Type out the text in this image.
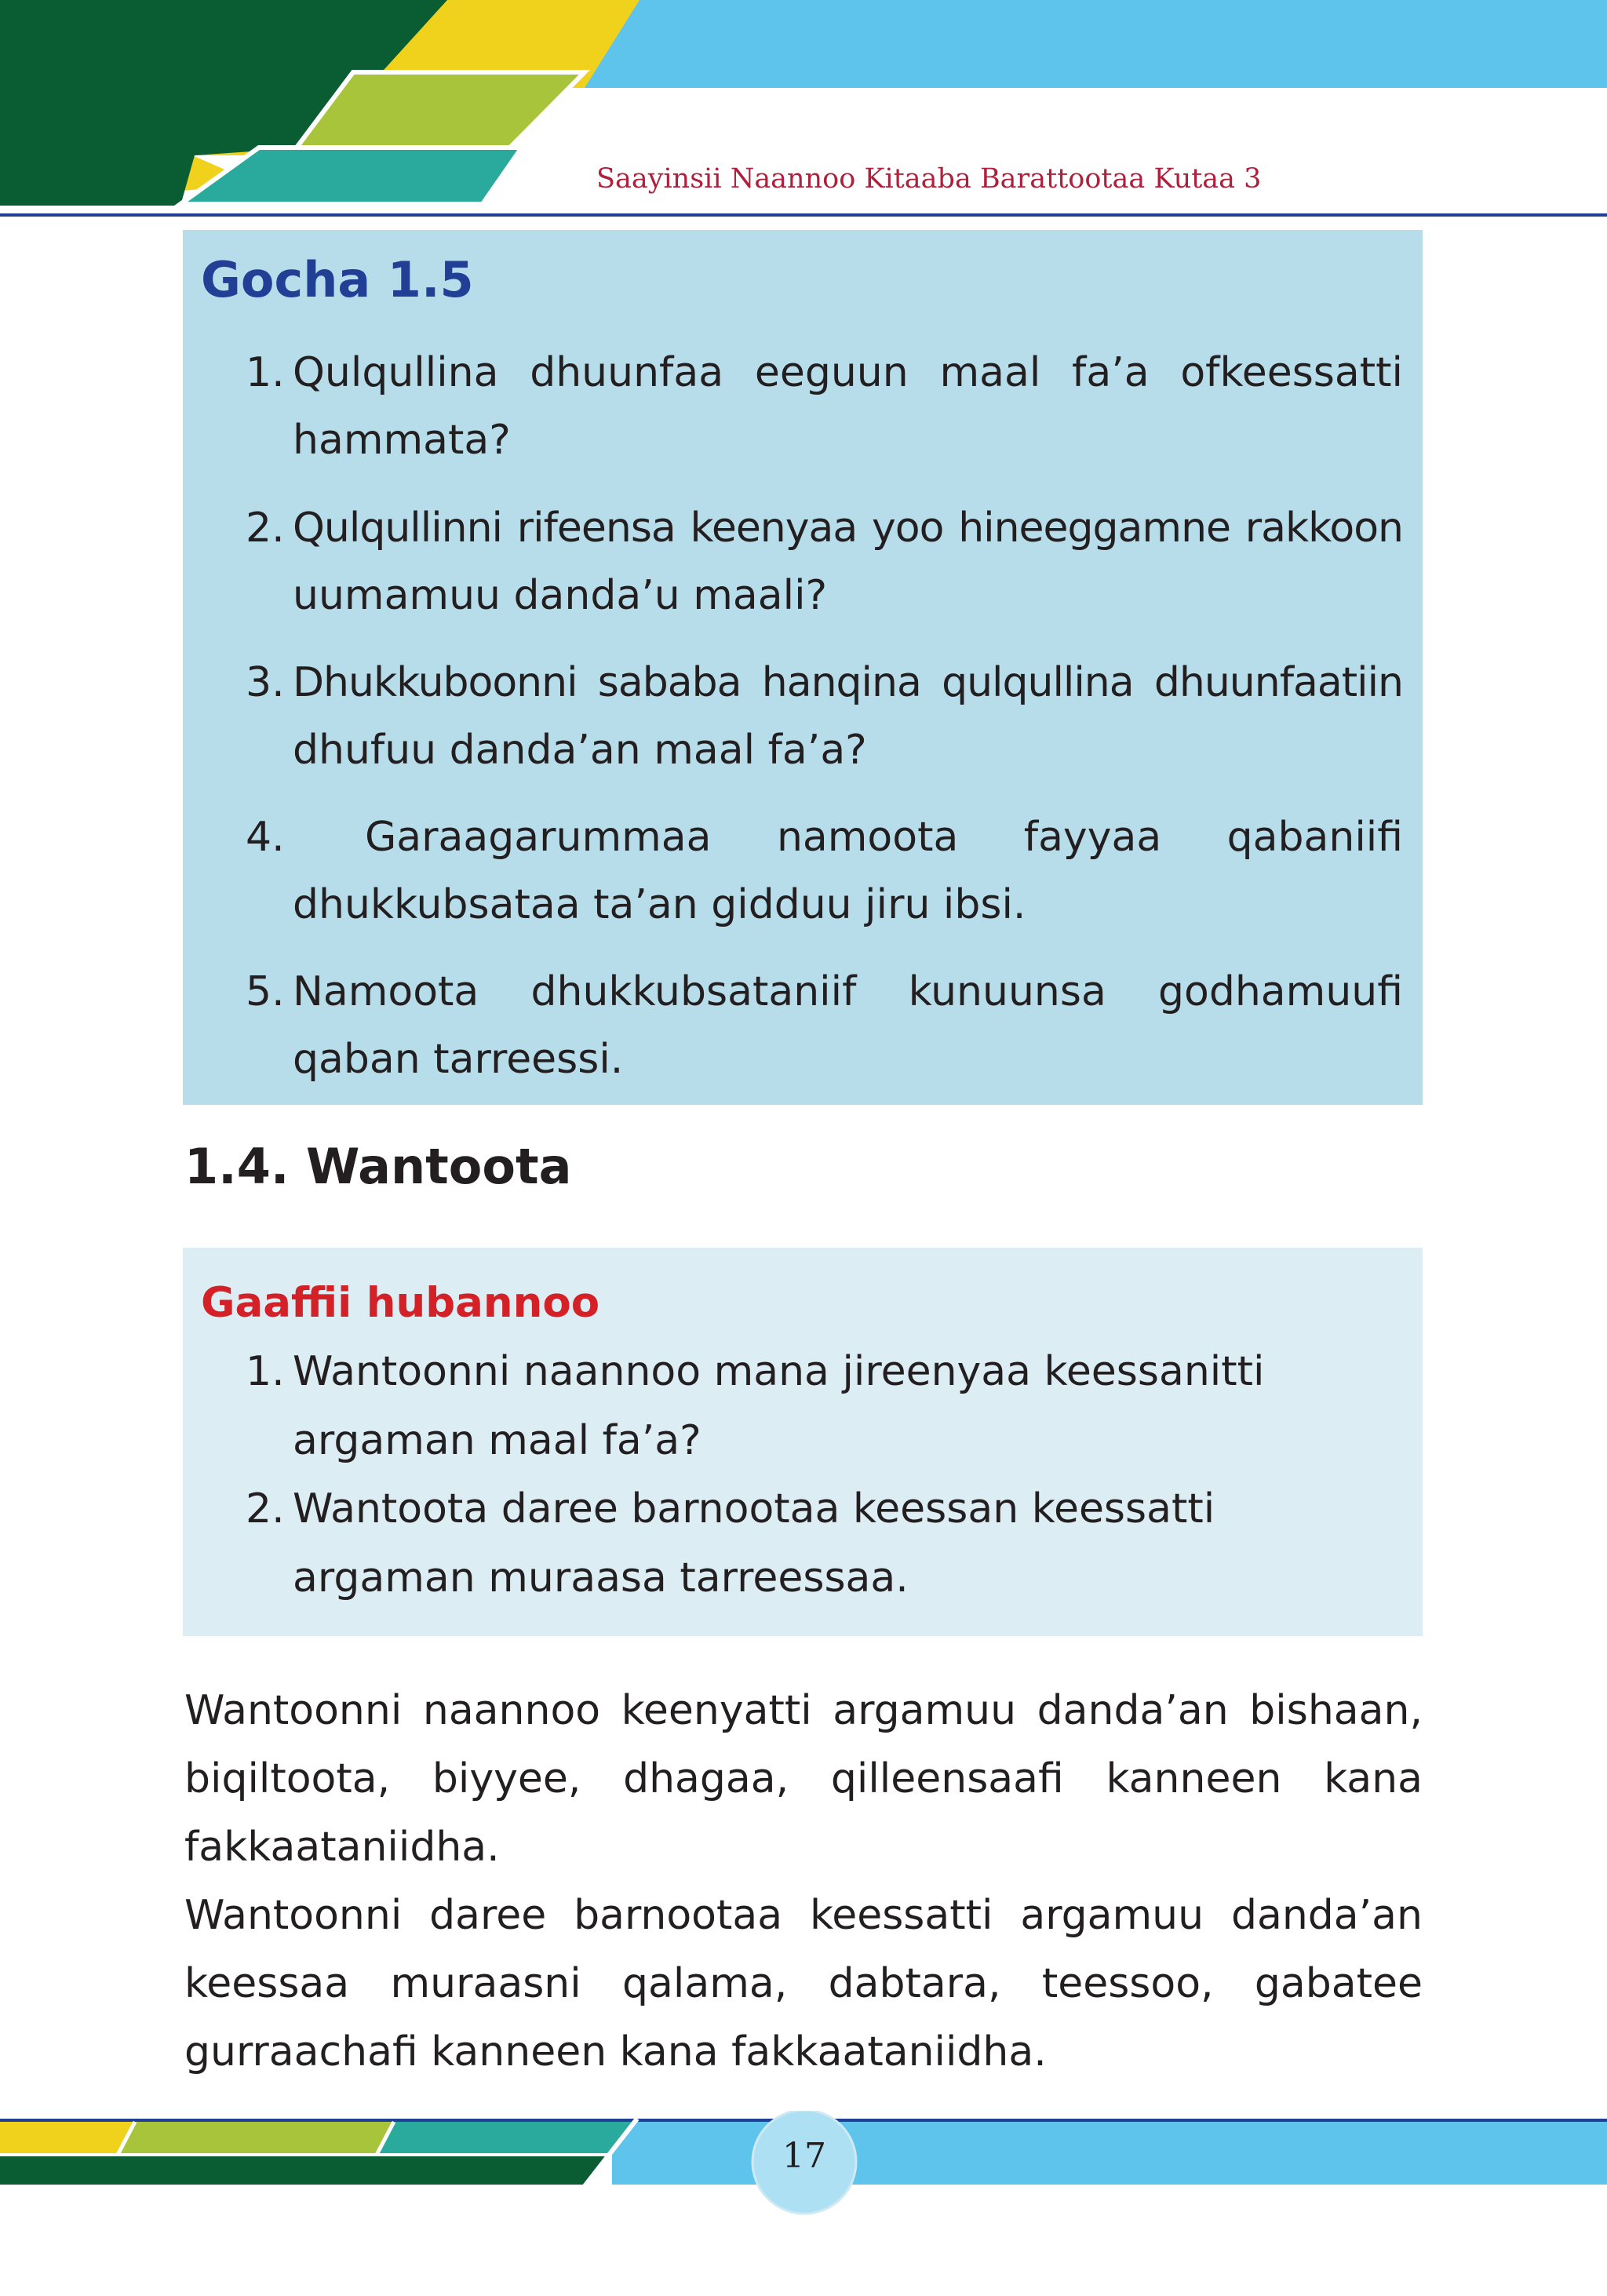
Saayinsii Naannoo Kitaaba Barattootaa Kutaa 3
Gocha 1.5
1. Qulqullina dhuunfaa eeguun maal fa’a ofkeessatti
hammata?
2. Qulqullinni rifeensa keenyaa yoo hineeggamne rakkoon
uumamuu danda’u maali?
3. Dhukkuboonni sababa hanqina qulqullina dhuunfaatiin
dhufuu danda’an maal fa’a?
4. Garaagarummaa namoota fayyaa qabaniifi
dhukkubsataa ta’an gidduu jiru ibsi.
5. Namoota dhukkubsataniif kunuunsa godhamuufi
qaban tarreessi.
1.4. Wantoota
Gaaffii hubannoo
1. Wantoonni naannoo mana jireenyaa keessanitti
argaman maal fa’a?
2. Wantoota daree barnootaa keessan keessatti
argaman muraasa tarreessaa.
Wantoonni naannoo keenyatti argamuu danda’an bishaan,
biqiltoota, biyyee, dhagaa, qilleensaafi kanneen kana
fakkaataniidha.
Wantoonni daree barnootaa keessatti argamuu danda’an
keessaa muraasni qalama, dabtara, teessoo, gabatee
gurraachafi kanneen kana fakkaataniidha.
17
